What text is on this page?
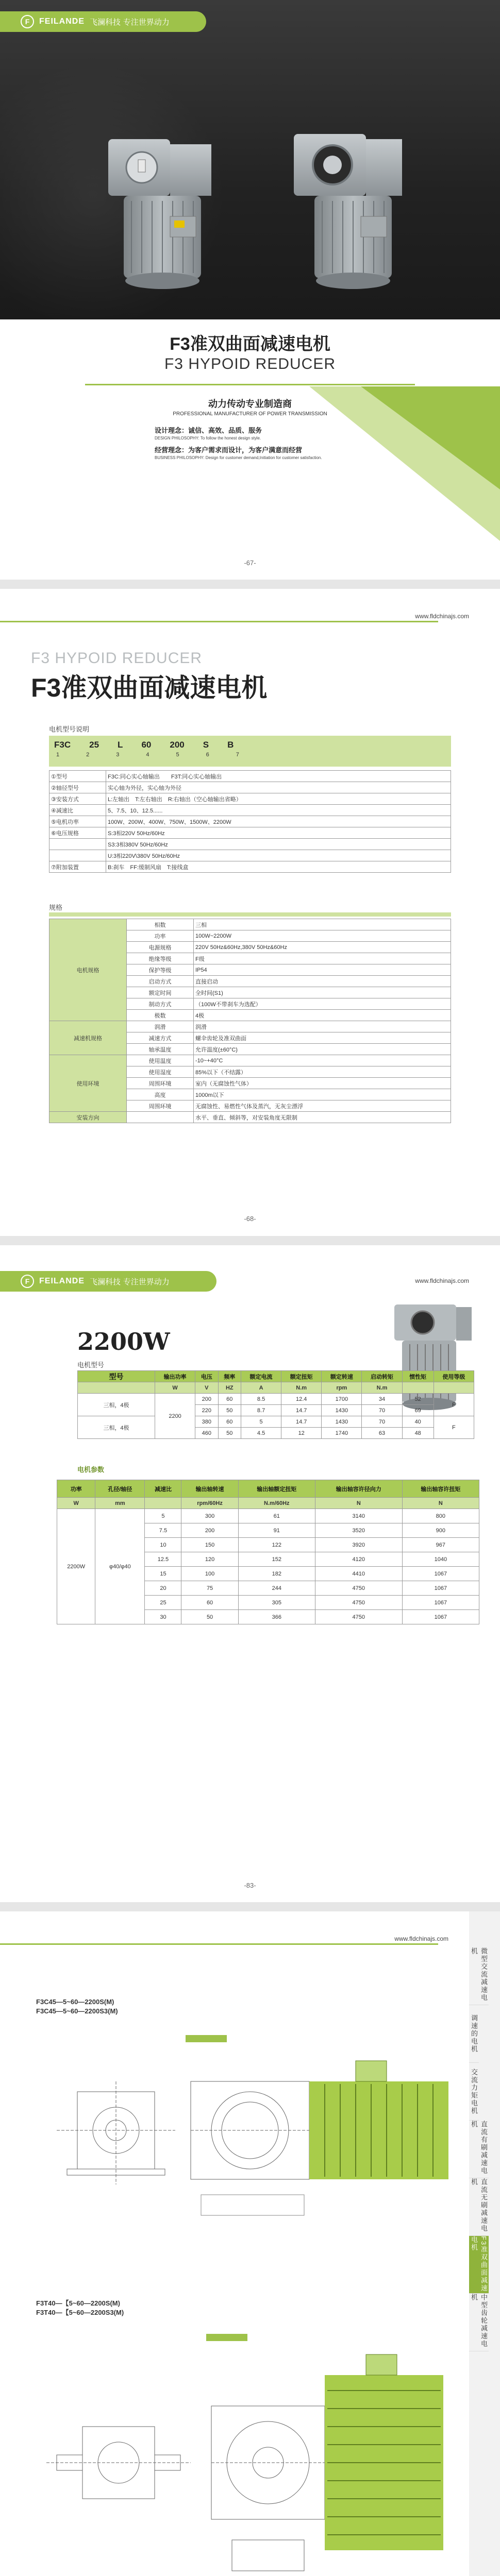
F	FEILANDE 飞澜科技 专注世界动力
F3准双曲面减速电机
F3 HYPOID REDUCER
动力传动专业制造商
PROFESSIONAL MANUFACTURER OF POWER TRANSMISSION
设计理念：诚信、高效、品质、服务
DESIGN PHILOSOPHY: To follow the honest design style.
经营理念：为客户需求而设计，为客户满意而经营
BUSINESS PHILOSOPHY: Design for customer demand,Initiation for customer satisfaction.
-67-
www.fldchinajs.com
F3 HYPOID REDUCER
F3准双曲面减速电机
电机型号说明
F3C 25 L 60 200 S B
1	2	3	4	5	6	7
①型号	F3C:同心实心轴输出　　F3T:同心实心轴输出
②轴径型号	实心轴为外径，实心轴为外径
③安装方式	L:左轴出　T:左右轴出　R:右轴出（空心轴输出省略）
④减速比	5、7.5、10、12.5......
⑤电机功率	100W、200W、400W、750W、1500W、2200W
⑥电压规格	S:3相220V 50Hz/60Hz
	S3:3相380V 50Hz/60Hz
	U:3相220V\380V 50Hz/60Hz
⑦附加装置	B:刹车　FF:缓制风扇　T:接线盒
规格
电机规格	相数	三相
	功率	100W~2200W
	电源规格	220V 50Hz&60Hz,380V 50Hz&60Hz
	绝缘等级	F级
	保护等级	IP54
	启动方式	直接启动
	额定时间	全时间(S1)
	制动方式	（100W不带刹车为选配）
	极数	4极
减速机规格	润滑	润滑
	减速方式	螺伞齿轮及准双曲面
	轴承温度	允许温度(±60°C)
使用环境	使用温度	-10~+40°C
	使用湿度	85%以下（不结露）
	周围环境	室内（无腐蚀性气体）
	高度	1000m以下
	周围环境	无腐蚀性、易燃性气体及蒸汽，无灰尘漂浮
安装方向		水平、垂直、倾斜等，对安装角度无限制
-68-
F	FEILANDE 飞澜科技 专注世界动力	www.fldchinajs.com
2200W
电机型号
型号	输出功率	电压	频率	额定电流	额定扭矩	额定转速	启动转矩	惯性矩	使用等级
	W	V	HZ	A	N.m	rpm	N.m		
三相，4极	2200	200	60	8.5	12.4	1700	34	52	F
		220	50	8.7	14.7	1430	70	69	
三相，4极		380	60	5	14.7	1430	70	40	F
		460	50	4.5	12	1740	63	48	
电机参数
功率	孔径/轴径	减速比	输出轴转速	输出轴额定扭矩	输出轴容许径向力	输出轴容许扭矩
W	mm		rpm/60Hz	N.m/60Hz	N	N
2200W	φ40/φ40	5	300	61	3140	800
		7.5	200	91	3520	900
		10	150	122	3920	967
		12.5	120	152	4120	1040
		15	100	182	4410	1067
		20	75	244	4750	1067
		25	60	305	4750	1067
		30	50	366	4750	1067
-83-
www.fldchinajs.com
微型交流减速电机
调速的电机
交流力矩电机
直流有刷减速电机
直流无刷减速电机
F3准双曲面减速电机
中型齿轮减速电机
F3C45—5~60—2200S(M)
F3C45—5~60—2200S3(M)
F3T40—【5~60—2200S(M)
F3T40—【5~60—2200S3(M)
